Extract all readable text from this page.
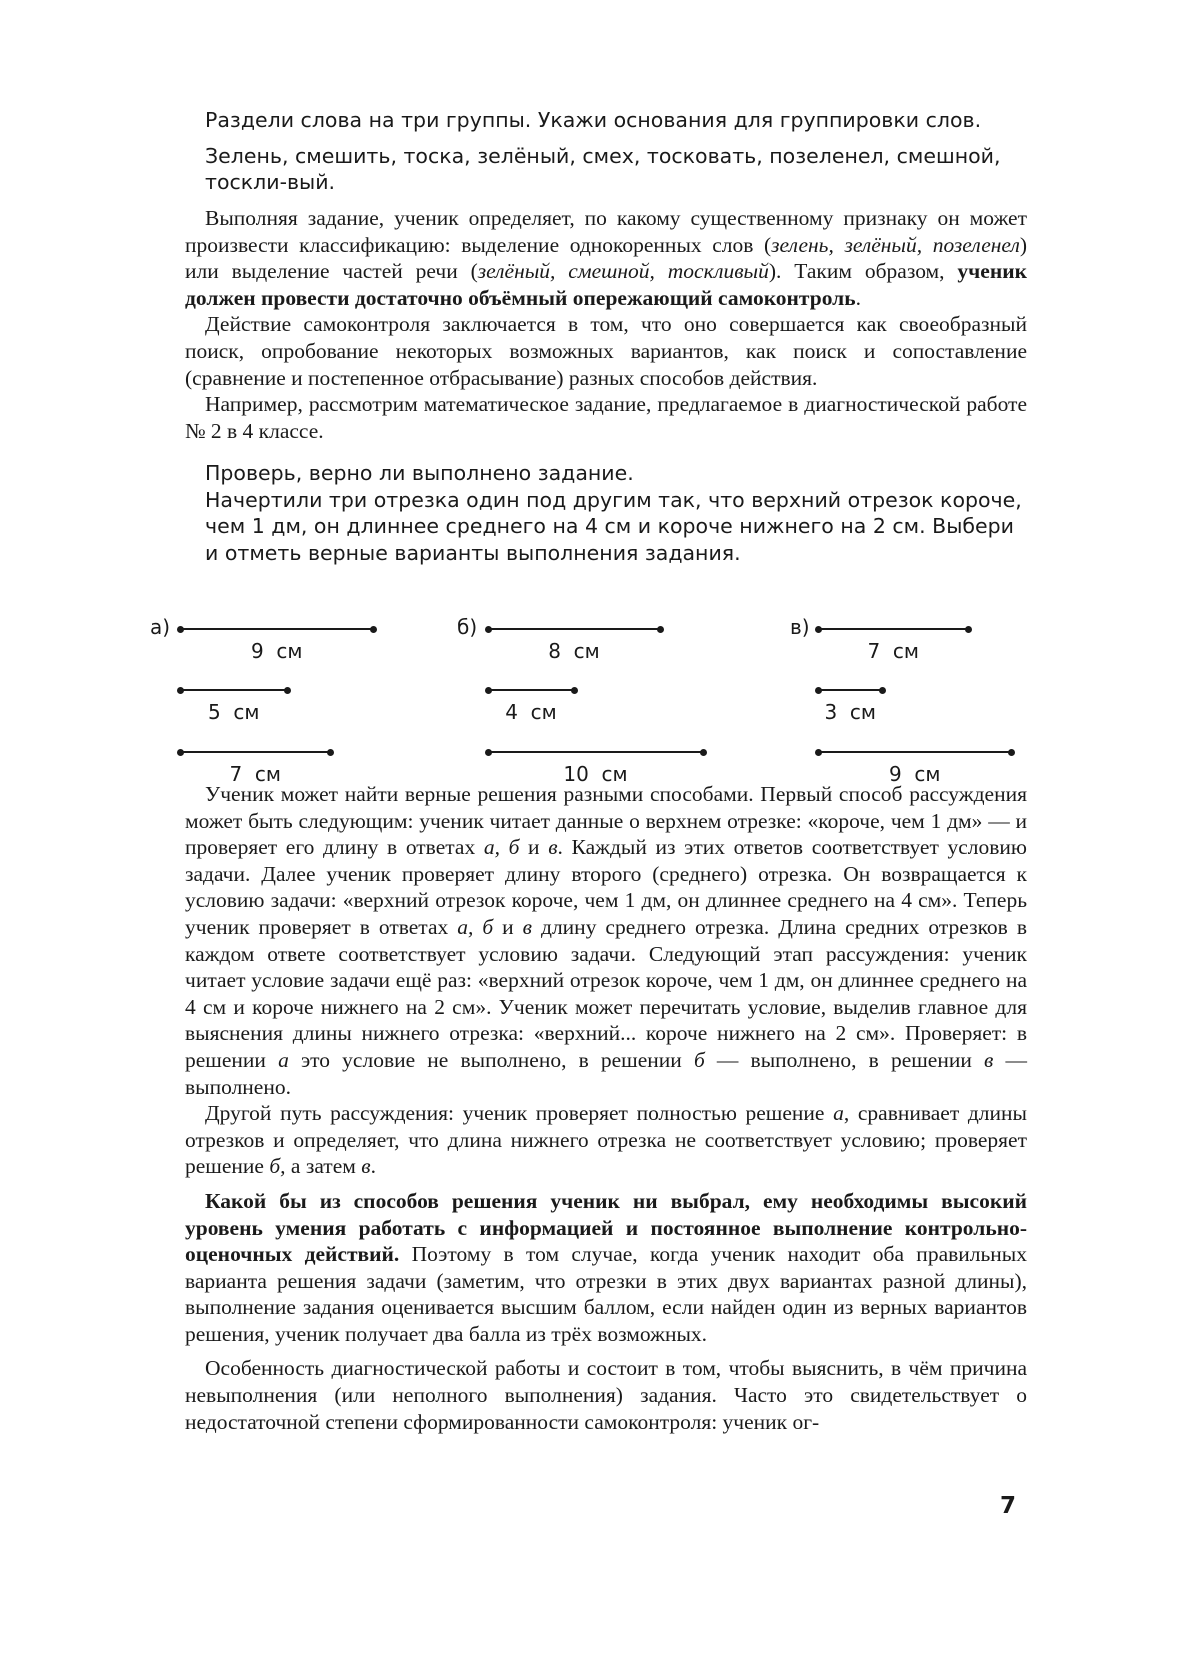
Раздели слова на три группы. Укажи основания для группировки слов.

Зелень, смешить, тоска, зелёный, смех, тосковать, позеленел, смешной, тоскли-вый.

Выполняя задание, ученик определяет, по какому существенному признаку он может произвести классификацию: выделение однокоренных слов (зелень, зелёный, позеленел) или выделение частей речи (зелёный, смешной, тоскливый). Таким образом, ученик должен провести достаточно объёмный опережающий самоконтроль.

Действие самоконтроля заключается в том, что оно совершается как своеобразный поиск, опробование некоторых возможных вариантов, как поиск и сопоставление (сравнение и постепенное отбрасывание) разных способов действия.

Например, рассмотрим математическое задание, предлагаемое в диагностической работе № 2 в 4 классе.

Проверь, верно ли выполнено задание.

Начертили три отрезка один под другим так, что верхний отрезок короче, чем 1 дм, он длиннее среднего на 4 см и короче нижнего на 2 см. Выбери и отметь верные варианты выполнения задания.

а)
9  см
5  см
7  см
б)
8  см
4  см
10  см
в)
7  см
3  см
9  см

Ученик может найти верные решения разными способами. Первый способ рассуждения может быть следующим: ученик читает данные о верхнем отрезке: «короче, чем 1 дм» — и проверяет его длину в ответах а, б и в. Каждый из этих ответов соответствует условию задачи. Далее ученик проверяет длину второго (среднего) отрезка. Он возвращается к условию задачи: «верхний отрезок короче, чем 1 дм, он длиннее среднего на 4 см». Теперь ученик проверяет в ответах а, б и в длину среднего отрезка. Длина средних отрезков в каждом ответе соответствует условию задачи. Следующий этап рассуждения: ученик читает условие задачи ещё раз: «верхний отрезок короче, чем 1 дм, он длиннее среднего на 4 см и короче нижнего на 2 см». Ученик может перечитать условие, выделив главное для выяснения длины нижнего отрезка: «верхний... короче нижнего на 2 см». Проверяет: в решении а это условие не выполнено, в решении б — выполнено, в решении в — выполнено.

Другой путь рассуждения: ученик проверяет полностью решение а, сравнивает длины отрезков и определяет, что длина нижнего отрезка не соответствует условию; проверяет решение б, а затем в.

Какой бы из способов решения ученик ни выбрал, ему необходимы высокий уровень умения работать с информацией и постоянное выполнение контрольно-оценочных действий. Поэтому в том случае, когда ученик находит оба правильных варианта решения задачи (заметим, что отрезки в этих двух вариантах разной длины), выполнение задания оценивается высшим баллом, если найден один из верных вариантов решения, ученик получает два балла из трёх возможных.

Особенность диагностической работы и состоит в том, чтобы выяснить, в чём причина невыполнения (или неполного выполнения) задания. Часто это свидетельствует о недостаточной степени сформированности самоконтроля: ученик ог-

7
